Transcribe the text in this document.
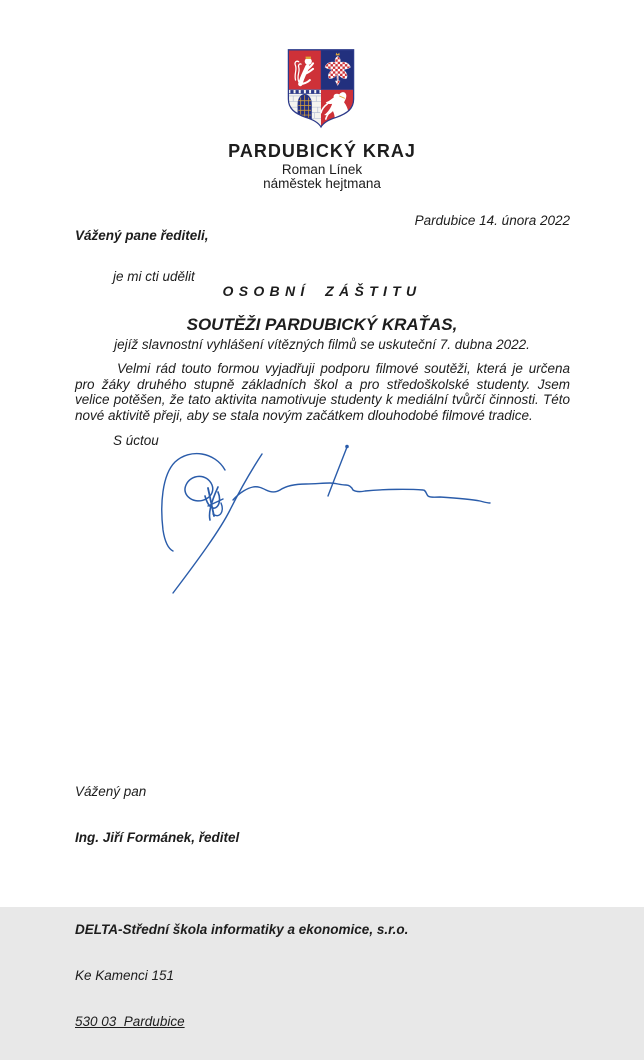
PARDUBICKÝ KRAJ
Roman Línek
náměstek hejtmana
Pardubice 14. února 2022
Vážený pane řediteli,
je mi cti udělit
OSOBNÍ ZÁŠTITU
SOUTĚŽI PARDUBICKÝ KRAŤAS,
jejíž slavnostní vyhlášení vítězných filmů se uskuteční 7. dubna 2022.
Velmi rád touto formou vyjadřuji podporu filmové soutěži, která je určena pro žáky druhého stupně základních škol a pro středoškolské studenty. Jsem velice potěšen, že tato aktivita namotivuje studenty k mediální tvůrčí činnosti. Této nové aktivitě přeji, aby se stala novým začátkem dlouhodobé filmové tradice.
S úctou

Vážený pan

Ing. Jiří Formánek, ředitel

DELTA-Střední škola informatiky a ekonomice, s.r.o.

Ke Kamenci 151

530 03  Pardubice
